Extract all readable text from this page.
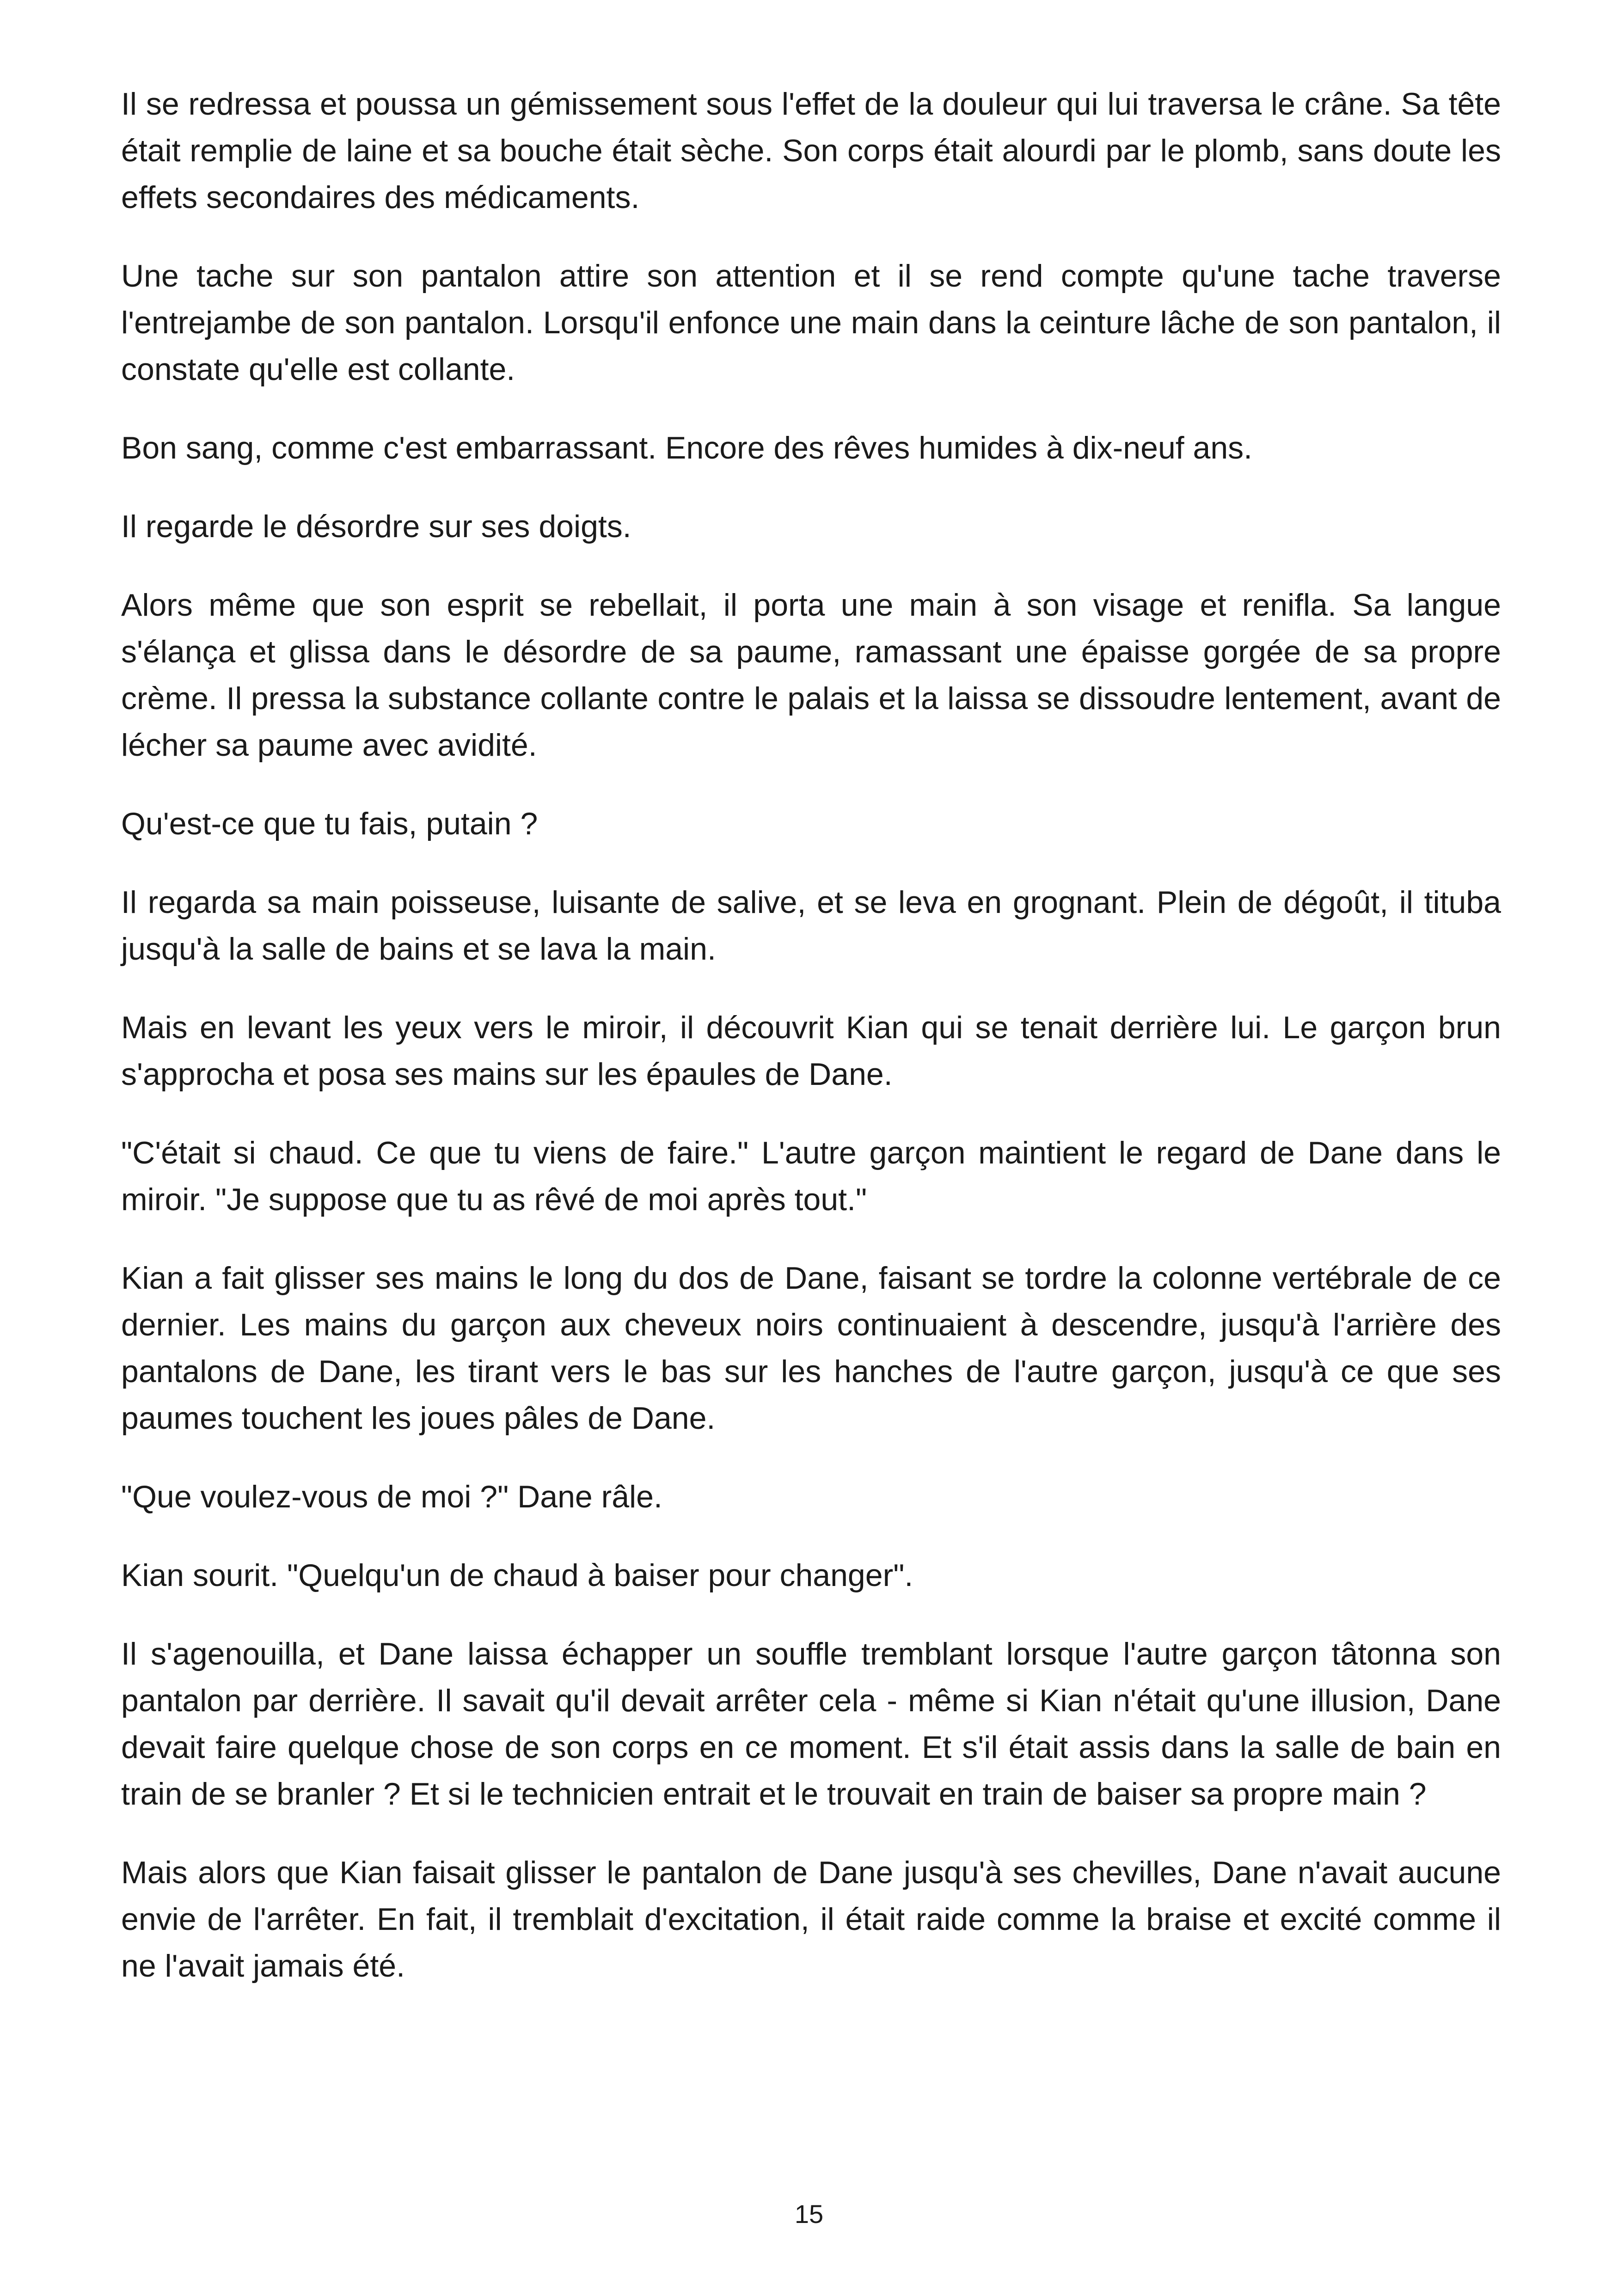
Il se redressa et poussa un gémissement sous l'effet de la douleur qui lui traversa le crâne. Sa tête était remplie de laine et sa bouche était sèche. Son corps était alourdi par le plomb, sans doute les effets secondaires des médicaments.

Une tache sur son pantalon attire son attention et il se rend compte qu'une tache traverse l'entrejambe de son pantalon. Lorsqu'il enfonce une main dans la ceinture lâche de son pantalon, il constate qu'elle est collante.

Bon sang, comme c'est embarrassant. Encore des rêves humides à dix-neuf ans.

Il regarde le désordre sur ses doigts.

Alors même que son esprit se rebellait, il porta une main à son visage et renifla. Sa langue s'élança et glissa dans le désordre de sa paume, ramassant une épaisse gorgée de sa propre crème. Il pressa la substance collante contre le palais et la laissa se dissoudre lentement, avant de lécher sa paume avec avidité.

Qu'est-ce que tu fais, putain ?

Il regarda sa main poisseuse, luisante de salive, et se leva en grognant. Plein de dégoût, il tituba jusqu'à la salle de bains et se lava la main.

Mais en levant les yeux vers le miroir, il découvrit Kian qui se tenait derrière lui. Le garçon brun s'approcha et posa ses mains sur les épaules de Dane.

"C'était si chaud. Ce que tu viens de faire." L'autre garçon maintient le regard de Dane dans le miroir. "Je suppose que tu as rêvé de moi après tout."

Kian a fait glisser ses mains le long du dos de Dane, faisant se tordre la colonne vertébrale de ce dernier. Les mains du garçon aux cheveux noirs continuaient à descendre, jusqu'à l'arrière des pantalons de Dane, les tirant vers le bas sur les hanches de l'autre garçon, jusqu'à ce que ses paumes touchent les joues pâles de Dane.

"Que voulez-vous de moi ?" Dane râle.

Kian sourit. "Quelqu'un de chaud à baiser pour changer".

Il s'agenouilla, et Dane laissa échapper un souffle tremblant lorsque l'autre garçon tâtonna son pantalon par derrière. Il savait qu'il devait arrêter cela - même si Kian n'était qu'une illusion, Dane devait faire quelque chose de son corps en ce moment. Et s'il était assis dans la salle de bain en train de se branler ? Et si le technicien entrait et le trouvait en train de baiser sa propre main ?

Mais alors que Kian faisait glisser le pantalon de Dane jusqu'à ses chevilles, Dane n'avait aucune envie de l'arrêter. En fait, il tremblait d'excitation, il était raide comme la braise et excité comme il ne l'avait jamais été.

15
